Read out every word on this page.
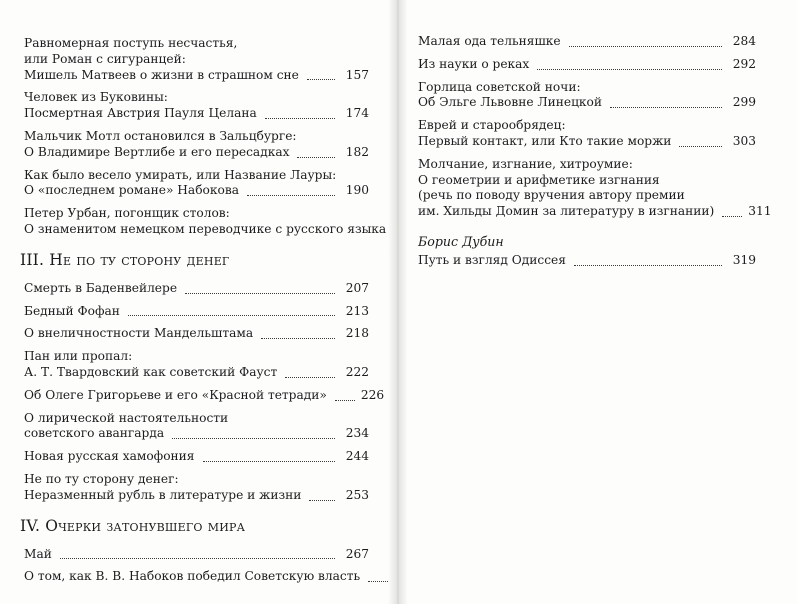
Равномерная поступь несчастья,
или Роман с сигуранцей:
Мишель Матвеев о жизни в страшном сне	157
Человек из Буковины:
Посмертная Австрия Пауля Целана	174
Мальчик Мотл остановился в Зальцбурге:
О Владимире Вертлибе и его пересадках	182
Как было весело умирать, или Название Лауры:
О «последнем романе» Набокова	190
Петер Урбан, погонщик столов:
О знаменитом немецком переводчике с русского языка
III. Не по ту сторону денег
Смерть в Баденвейлере	207
Бедный Фофан	213
О внеличностности Мандельштама	218
Пан или пропал:
А. Т. Твардовский как советский Фауст	222
Об Олеге Григорьеве и его «Красной тетради»	226
О лирической настоятельности
советского авангарда	234
Новая русская хамофония	244
Не по ту сторону денег:
Неразменный рубль в литературе и жизни	253
IV. Очерки затонувшего мира
Май	267
О том, как В. В. Набоков победил Советскую власть
Малая ода тельняшке	284
Из науки о реках	292
Горлица советской ночи:
Об Эльге Львовне Линецкой	299
Еврей и старообрядец:
Первый контакт, или Кто такие моржи	303
Молчание, изгнание, хитроумие:
О геометрии и арифметике изгнания
(речь по поводу вручения автору премии
им. Хильды Домин за литературу в изгнании)	311
Борис Дубин
Путь и взгляд Одиссея	319
